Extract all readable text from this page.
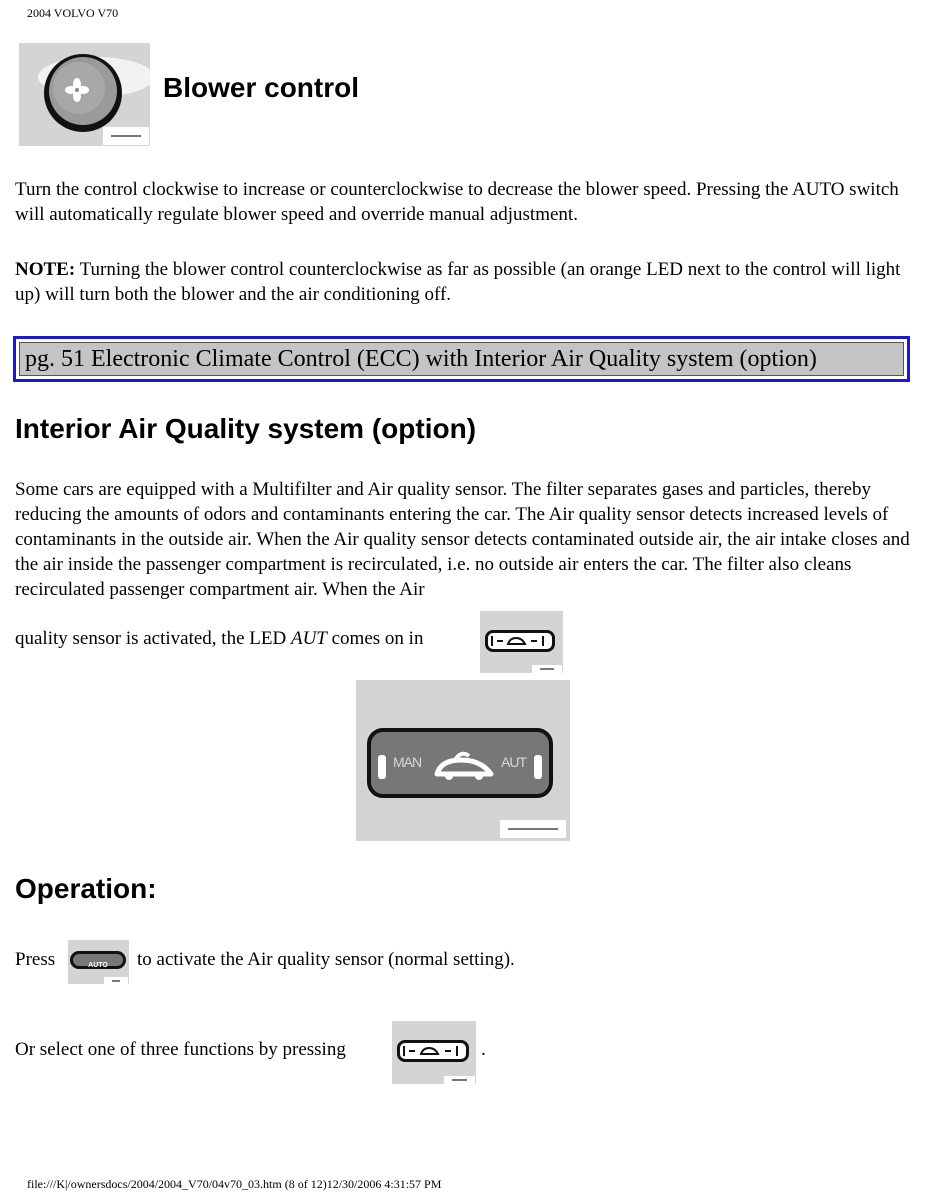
2004 VOLVO V70
Blower control
Turn the control clockwise to increase or counterclockwise to decrease the blower speed. Pressing the AUTO switch will automatically regulate blower speed and override manual adjustment.
NOTE: Turning the blower control counterclockwise as far as possible (an orange LED next to the control will light up) will turn both the blower and the air conditioning off.
pg. 51 Electronic Climate Control (ECC) with Interior Air Quality system (option)
Interior Air Quality system (option)
Some cars are equipped with a Multifilter and Air quality sensor. The filter separates gases and particles, thereby reducing the amounts of odors and contaminants entering the car. The Air quality sensor detects increased levels of contaminants in the outside air. When the Air quality sensor detects contaminated outside air, the air intake closes and the air inside the passenger compartment is recirculated, i.e. no outside air enters the car. The filter also cleans recirculated passenger compartment air. When the Air
quality sensor is activated, the LED AUT comes on in
MAN	AUT
Operation:
Press	AUTO	to activate the Air quality sensor (normal setting).
Or select one of three functions by pressing	.
file:///K|/ownersdocs/2004/2004_V70/04v70_03.htm (8 of 12)12/30/2006 4:31:57 PM
